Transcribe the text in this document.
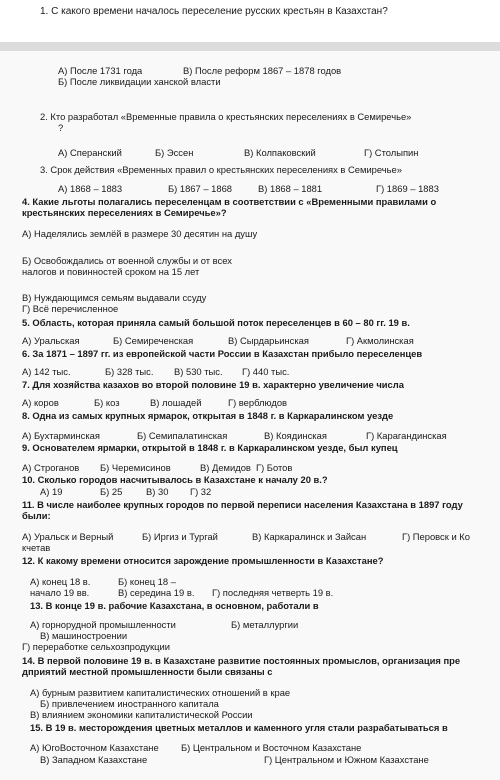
1. С какого времени началось переселение русских крестьян в Казахстан?
А) После 1731 года	В) После реформ 1867 – 1878 годов
Б) После ликвидации ханской власти
2. Кто разработал «Временные правила о крестьянских переселениях в Семиречье»
?
А) Сперанский	Б) Эссен	В) Колпаковский	Г) Столыпин
3. Срок действия «Временных правил о крестьянских переселениях в Семиречье»
А) 1868 – 1883	Б) 1867 – 1868	В) 1868 – 1881	Г) 1869 – 1883
4. Какие льготы полагались переселенцам в соответствии с «Временными правилами о
крестьянских переселениях в Семиречье»?
А) Наделялись землёй в размере 30 десятин на душу
Б) Освобождались от военной службы и от всех
налогов и повинностей сроком на 15 лет
В) Нуждающимся семьям выдавали ссуду
Г) Всё перечисленное
5. Область, которая приняла самый большой поток переселенцев в 60 – 80 гг. 19 в.
А) Уральская	Б) Семиреченская	В) Сырдарьинская	Г) Акмолинская
6. За 1871 – 1897 гг. из европейской части России в Казахстан прибыло переселенцев
А) 142 тыс.	Б) 328 тыс. В) 530 тыс. Г) 440 тыс.
7. Для хозяйства казахов во второй половине 19 в. характерно увеличение числа
А) коров	Б) коз	В) лошадей	Г) верблюдов
8. Одна из самых крупных ярмарок, открытая в 1848 г. в Каркаралинском уезде
А) Бухтарминская	Б) Семипалатинская	В) Коядинская	Г) Карагандинская
9. Основателем ярмарки, открытой в 1848 г. в Каркаралинском уезде, был купец
А) Строганов Б) Черемисинов	В) Демидов Г) Ботов
10. Сколько городов насчитывалось в Казахстане к началу 20 в.?
А) 19	Б) 25	В) 30 Г) 32
11. В числе наиболее крупных городов по первой переписи населения Казахстана в 1897 году
были:
А) Уральск и Верный	Б) Иргиз и Тургай	В) Каркаралинск и Зайсан	Г) Перовск и Ко
кчетав
12. К какому времени относится зарождение промышленности в Казахстане?
А) конец 18 в.	Б) конец 18 –
начало 19 вв.	В) середина 19 в. Г) последняя четверть 19 в.
13. В конце 19 в. рабочие Казахстана, в основном, работали в
А) горнорудной промышленности	Б) металлургии
В) машиностроении
Г) переработке сельхозпродукции
14. В первой половине 19 в. в Казахстане развитие постоянных промыслов, организация пре
дприятий местной промышленности были связаны с
А) бурным развитием капиталистических отношений в крае
Б) привлечением иностранного капитала
В) влиянием экономики капиталистической России
15. В 19 в. месторождения цветных металлов и каменного угля стали разрабатываться в
А) ЮгоВосточном Казахстане Б) Центральном и Восточном Казахстане
В) Западном Казахстане	Г) Центральном и Южном Казахстане
